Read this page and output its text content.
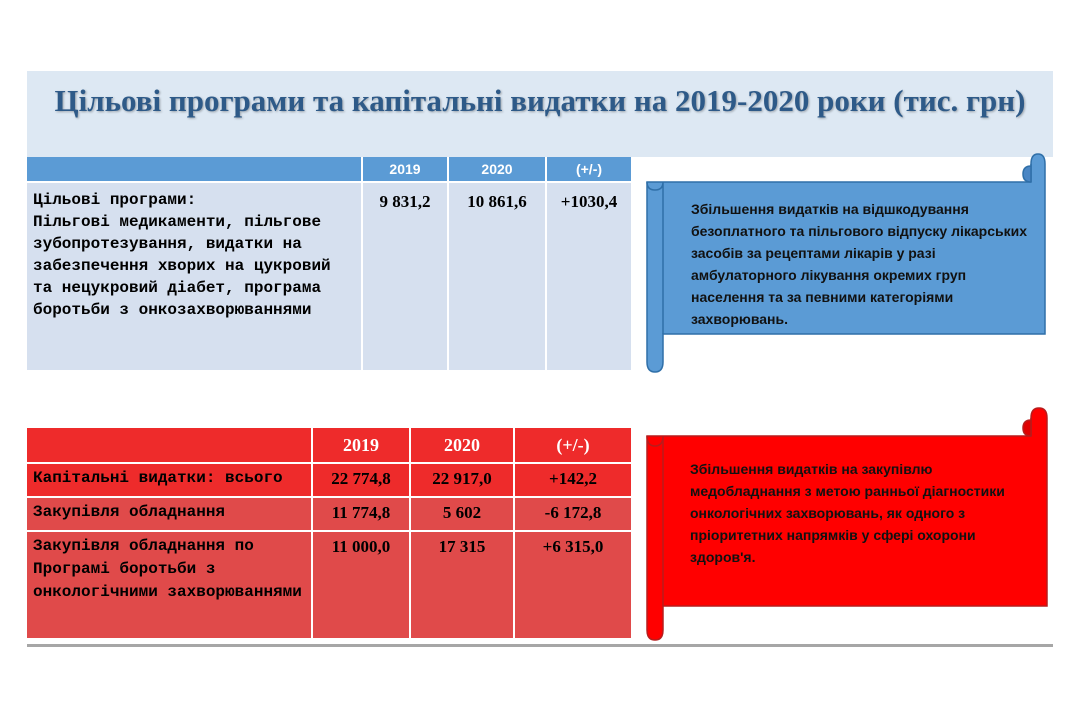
Цільові програми та капітальні видатки на 2019-2020 роки (тис. грн)
	2019	2020	(+/-)

Цільові програми:
Пільгові медикаменти, пільгове зубопротезування, видатки на забезпечення хворих на цукровий та нецукровий діабет, програма боротьби з онкозахворюваннями	9 831,2	10 861,6	+1030,4	Збільшення видатків на відшкодування безоплатного та пільгового відпуску лікарських засобів за рецептами лікарів у разі амбулаторного лікування окремих груп населення та за певними категоріями захворювань.
	2019	2020	(+/-)
Капітальні видатки: всього	22 774,8	22 917,0	+142,2
Закупівля обладнання	11 774,8	5 602	-6 172,8
Закупівля обладнання по Програмі боротьби з онкологічними захворюваннями	11 000,0	17 315	+6 315,0
Збільшення видатків на закупівлю медобладнання з метою ранньої діагностики онкологічних захворювань, як одного з пріоритетних напрямків у сфері охорони здоров'я.
